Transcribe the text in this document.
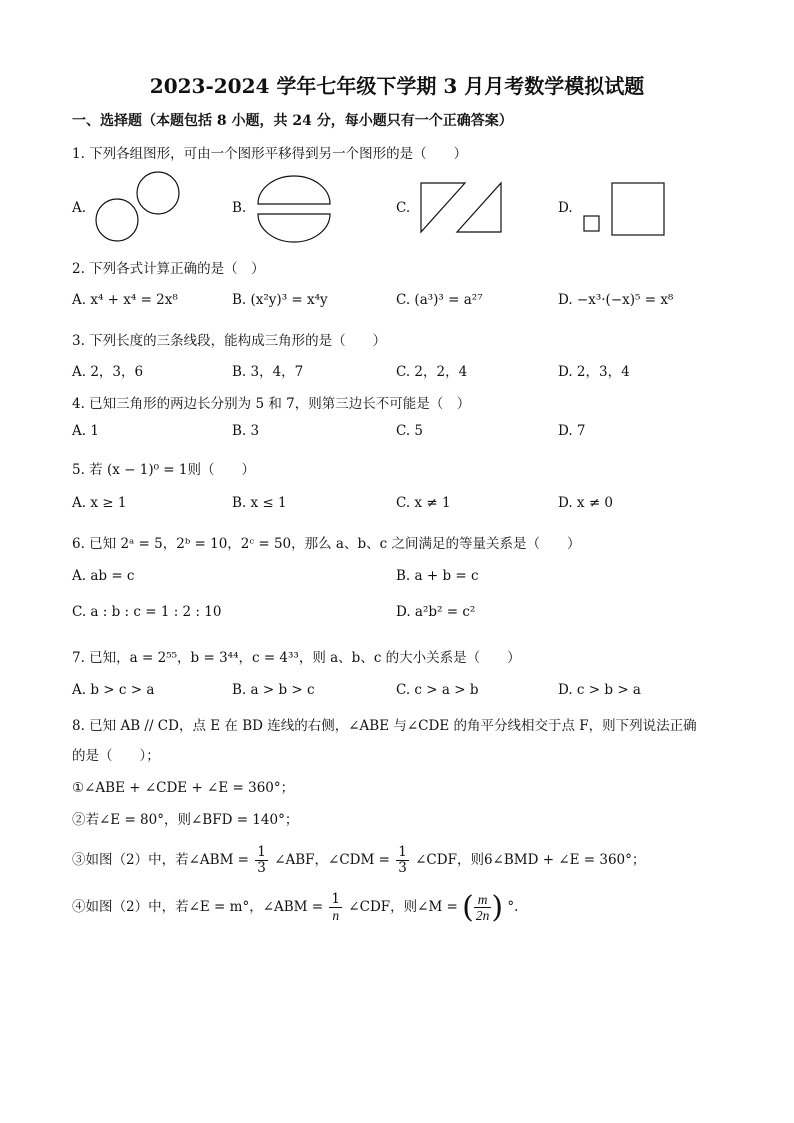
2023-2024 学年七年级下学期 3 月月考数学模拟试题
一、选择题（本题包括 8 小题，共 24 分，每小题只有一个正确答案）
1. 下列各组图形，可由一个图形平移得到另一个图形的是（　　）
A.	B.	C.	D.
2. 下列各式计算正确的是（　）
A. x⁴ + x⁴ = 2x⁸	B. (x²y)³ = x⁴y	C. (a³)³ = a²⁷	D. −x³·(−x)⁵ = x⁸
3. 下列长度的三条线段，能构成三角形的是（　　）
A. 2，3，6	B. 3，4，7	C. 2，2，4	D. 2，3，4
4. 已知三角形的两边长分别为 5 和 7，则第三边长不可能是（　）
A. 1	B. 3	C. 5	D. 7
5. 若 (x − 1)⁰ = 1则（　　）
A. x ≥ 1	B. x ≤ 1	C. x ≠ 1	D. x ≠ 0
6. 已知 2ᵃ = 5，2ᵇ = 10，2ᶜ = 50，那么 a、b、c 之间满足的等量关系是（　　）
A. ab = c	B. a + b = c
C. a : b : c = 1 : 2 : 10	D. a²b² = c²
7. 已知，a = 2⁵⁵，b = 3⁴⁴，c = 4³³，则 a、b、c 的大小关系是（　　）
A. b > c > a	B. a > b > c	C. c > a > b	D. c > b > a
8. 已知 AB // CD，点 E 在 BD 连线的右侧，∠ABE 与∠CDE 的角平分线相交于点 F，则下列说法正确
的是（　　）；
①∠ABE + ∠CDE + ∠E = 360°；
②若∠E = 80°，则∠BFD = 140°；
③如图（2）中，若∠ABM = $\frac{1}{3}$ ∠ABF，∠CDM = $\frac{1}{3}$ ∠CDF，则6∠BMD + ∠E = 360°；
④如图（2）中，若∠E = m°，∠ABM = $\frac{1}{n}$ ∠CDF，则∠M = ( $\frac{m}{2n}$ ) °.
